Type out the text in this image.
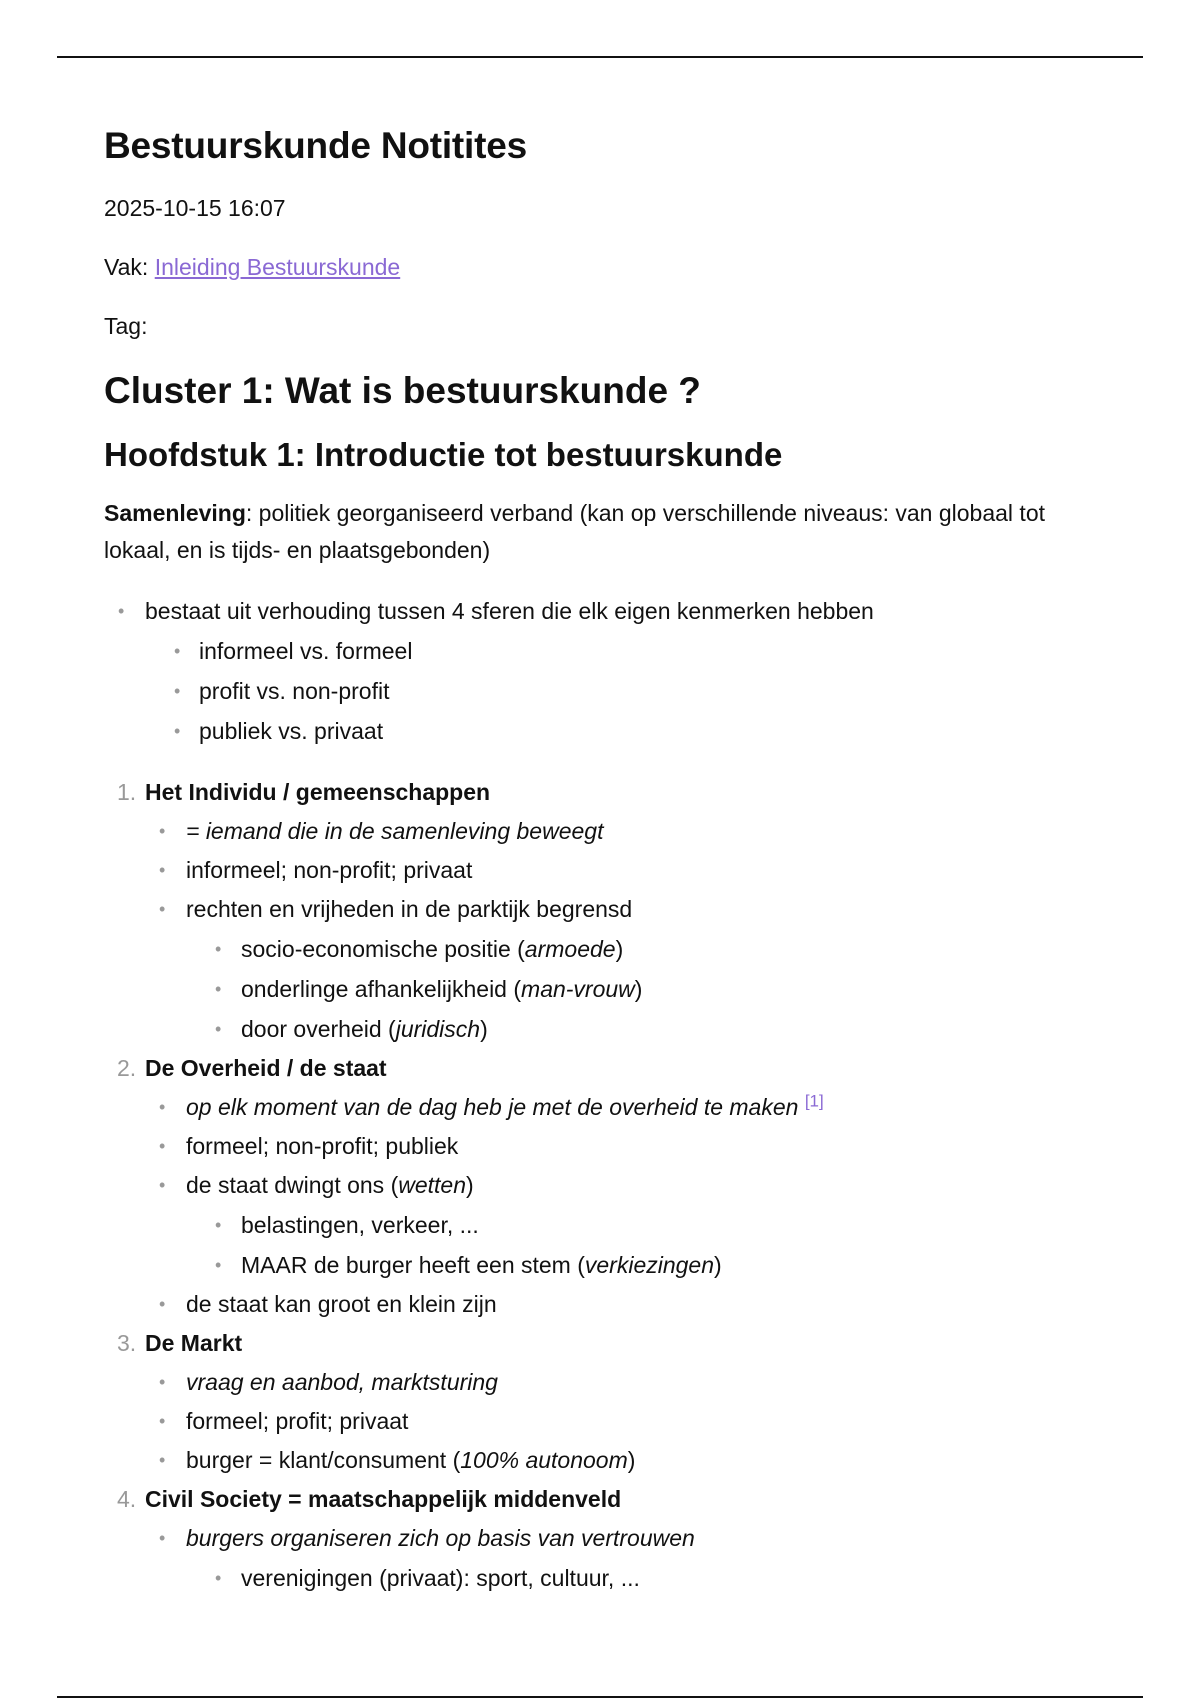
Bestuurskunde Notitites

2025-10-15 16:07

Vak: Inleiding Bestuurskunde

Tag:

Cluster 1: Wat is bestuurskunde ?
Hoofdstuk 1: Introductie tot bestuurskunde

Samenleving: politiek georganiseerd verband (kan op verschillende niveaus: van globaal tot lokaal, en is tijds- en plaatsgebonden)

• bestaat uit verhouding tussen 4 sferen die elk eigen kenmerken hebben
• informeel vs. formeel
• profit vs. non-profit
• publiek vs. privaat
1. Het Individu / gemeenschappen
• = iemand die in de samenleving beweegt
• informeel; non-profit; privaat
• rechten en vrijheden in de parktijk begrensd
• socio-economische positie (armoede)
• onderlinge afhankelijkheid (man-vrouw)
• door overheid (juridisch)
2. De Overheid / de staat
• op elk moment van de dag heb je met de overheid te maken [1]
• formeel; non-profit; publiek
• de staat dwingt ons (wetten)
• belastingen, verkeer, ...
• MAAR de burger heeft een stem (verkiezingen)
• de staat kan groot en klein zijn
3. De Markt
• vraag en aanbod, marktsturing
• formeel; profit; privaat
• burger = klant/consument (100% autonoom)
4. Civil Society = maatschappelijk middenveld
• burgers organiseren zich op basis van vertrouwen
• verenigingen (privaat): sport, cultuur, ...
